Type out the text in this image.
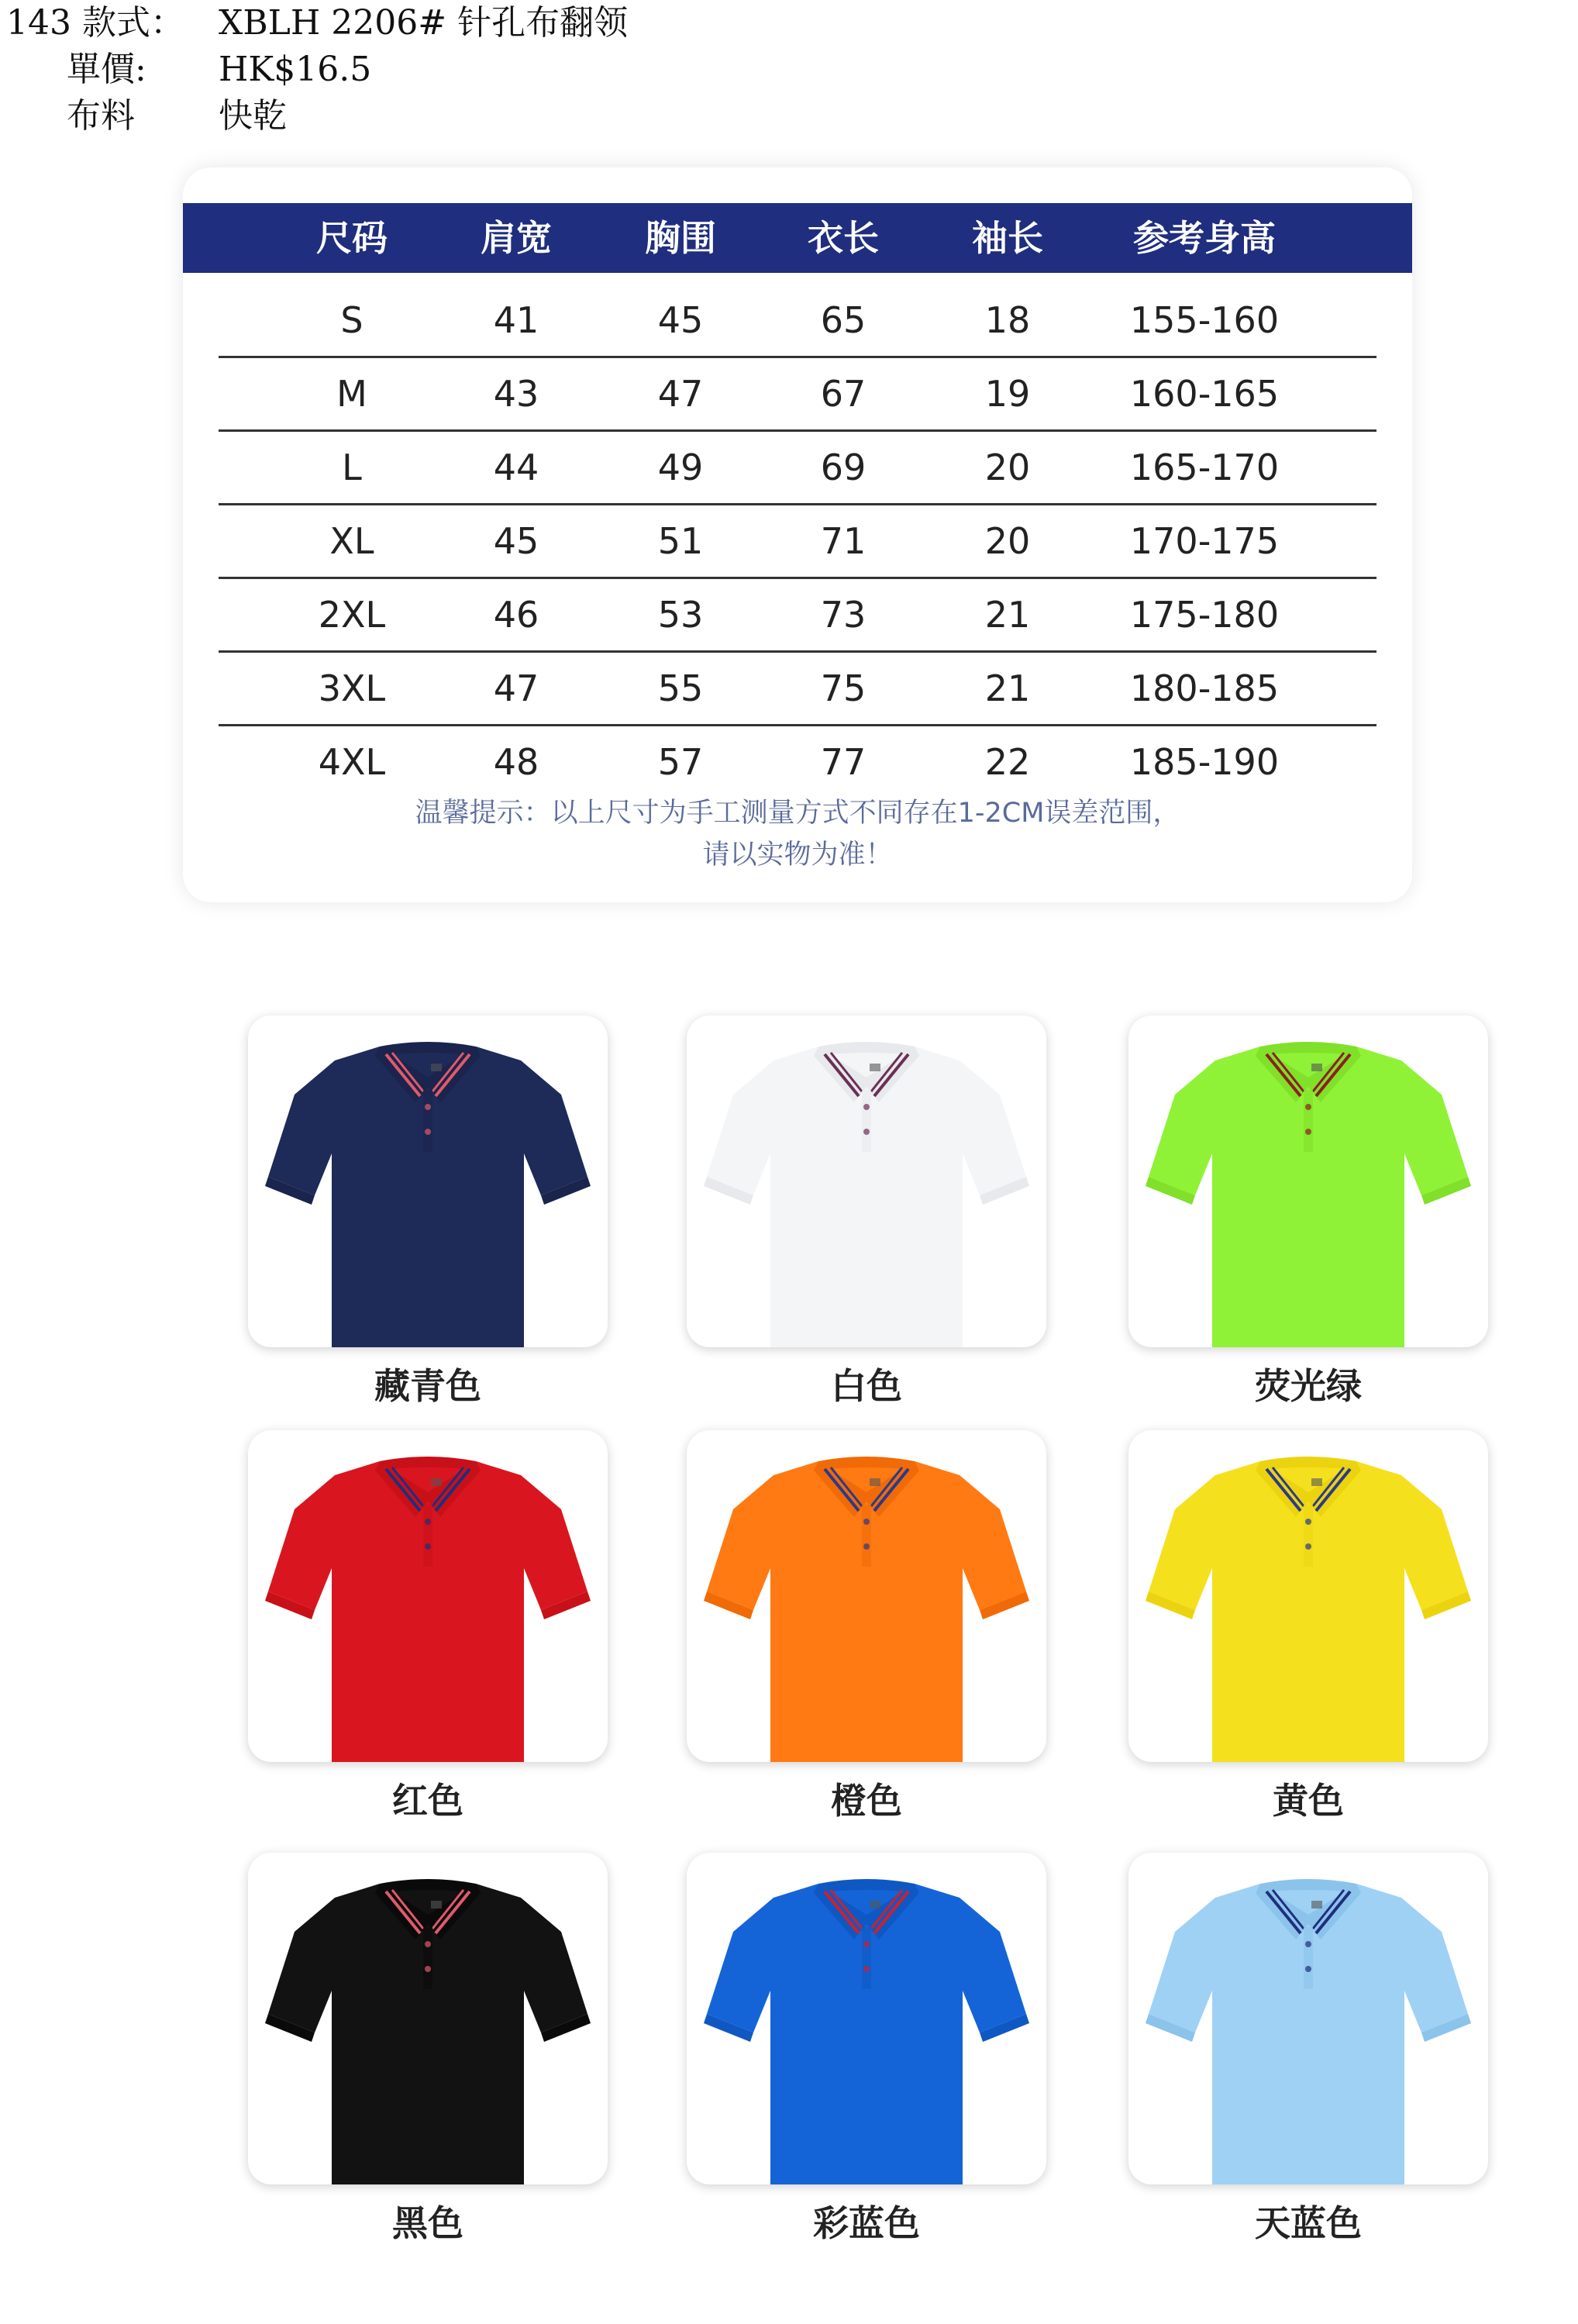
143 款式： XBLH 2206# 针孔布翻领
單價: HK$16.5
布料 快乾
尺码	肩宽	胸围	衣长	袖长	参考身高
S	41	45	65	18	155-160
M	43	47	67	19	160-165
L	44	49	69	20	165-170
XL	45	51	71	20	170-175
2XL	46	53	73	21	175-180
3XL	47	55	75	21	180-185
4XL	48	57	77	22	185-190
温馨提示：以上尺寸为手工测量方式不同存在1-2CM误差范围，
请以实物为准！
藏青色	白色	荧光绿
红色	橙色	黄色
黑色	彩蓝色	天蓝色
